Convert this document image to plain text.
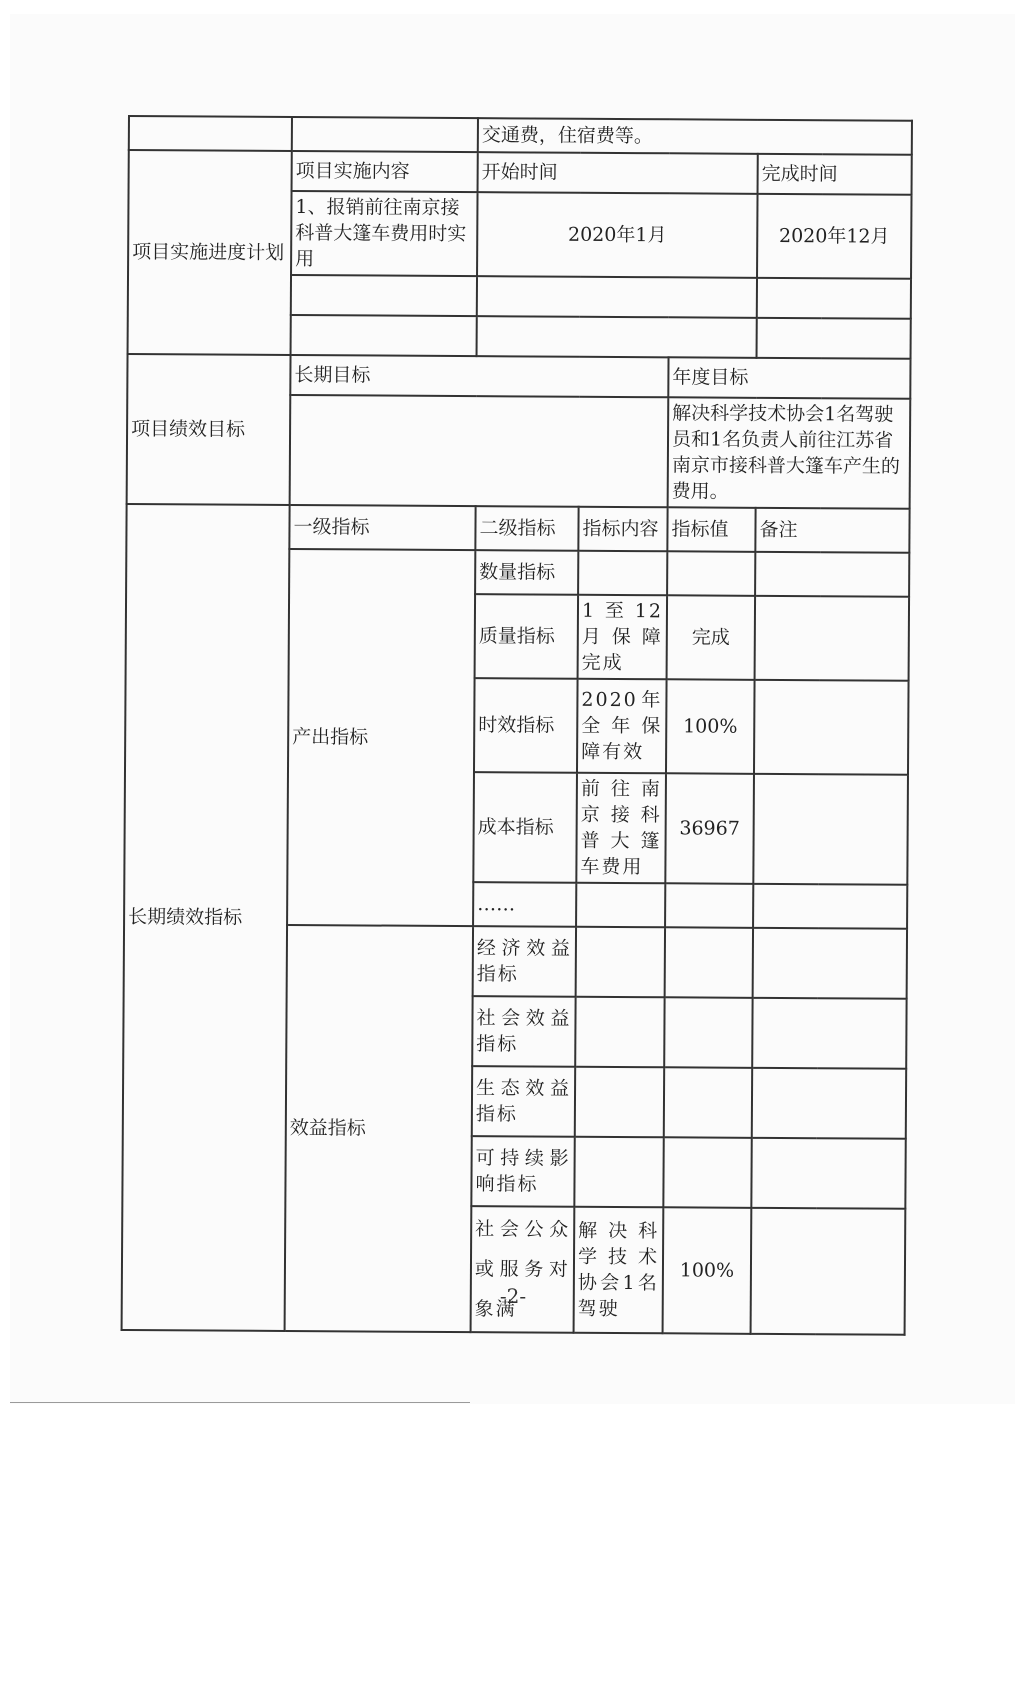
		交通费，住宿费等。			
项目实施进度计划	项目实施内容	开始时间			完成时间
	1、报销前往南京接科普大篷车费用时实用	2020年1月			2020年12月

项目绩效目标	长期目标			年度目标	
				解决科学技术协会1名驾驶员和1名负责人前往江苏省南京市接科普大篷车产生的费用。	
长期绩效指标	一级指标	二级指标	指标内容	指标值	备注
	产出指标	数量指标			
		质量指标	1至12月保障完成	完成	
		时效指标	2020年全年保障有效	100%	
		成本指标	前往南京接科普大篷车费用	36967	
		……			
	效益指标	经济效益指标			
		社会效益指标			
		生态效益指标			
		可持续影响指标			
		社会公众或服务对象满	解决科学技术协会1名驾驶	100%	
-2-
